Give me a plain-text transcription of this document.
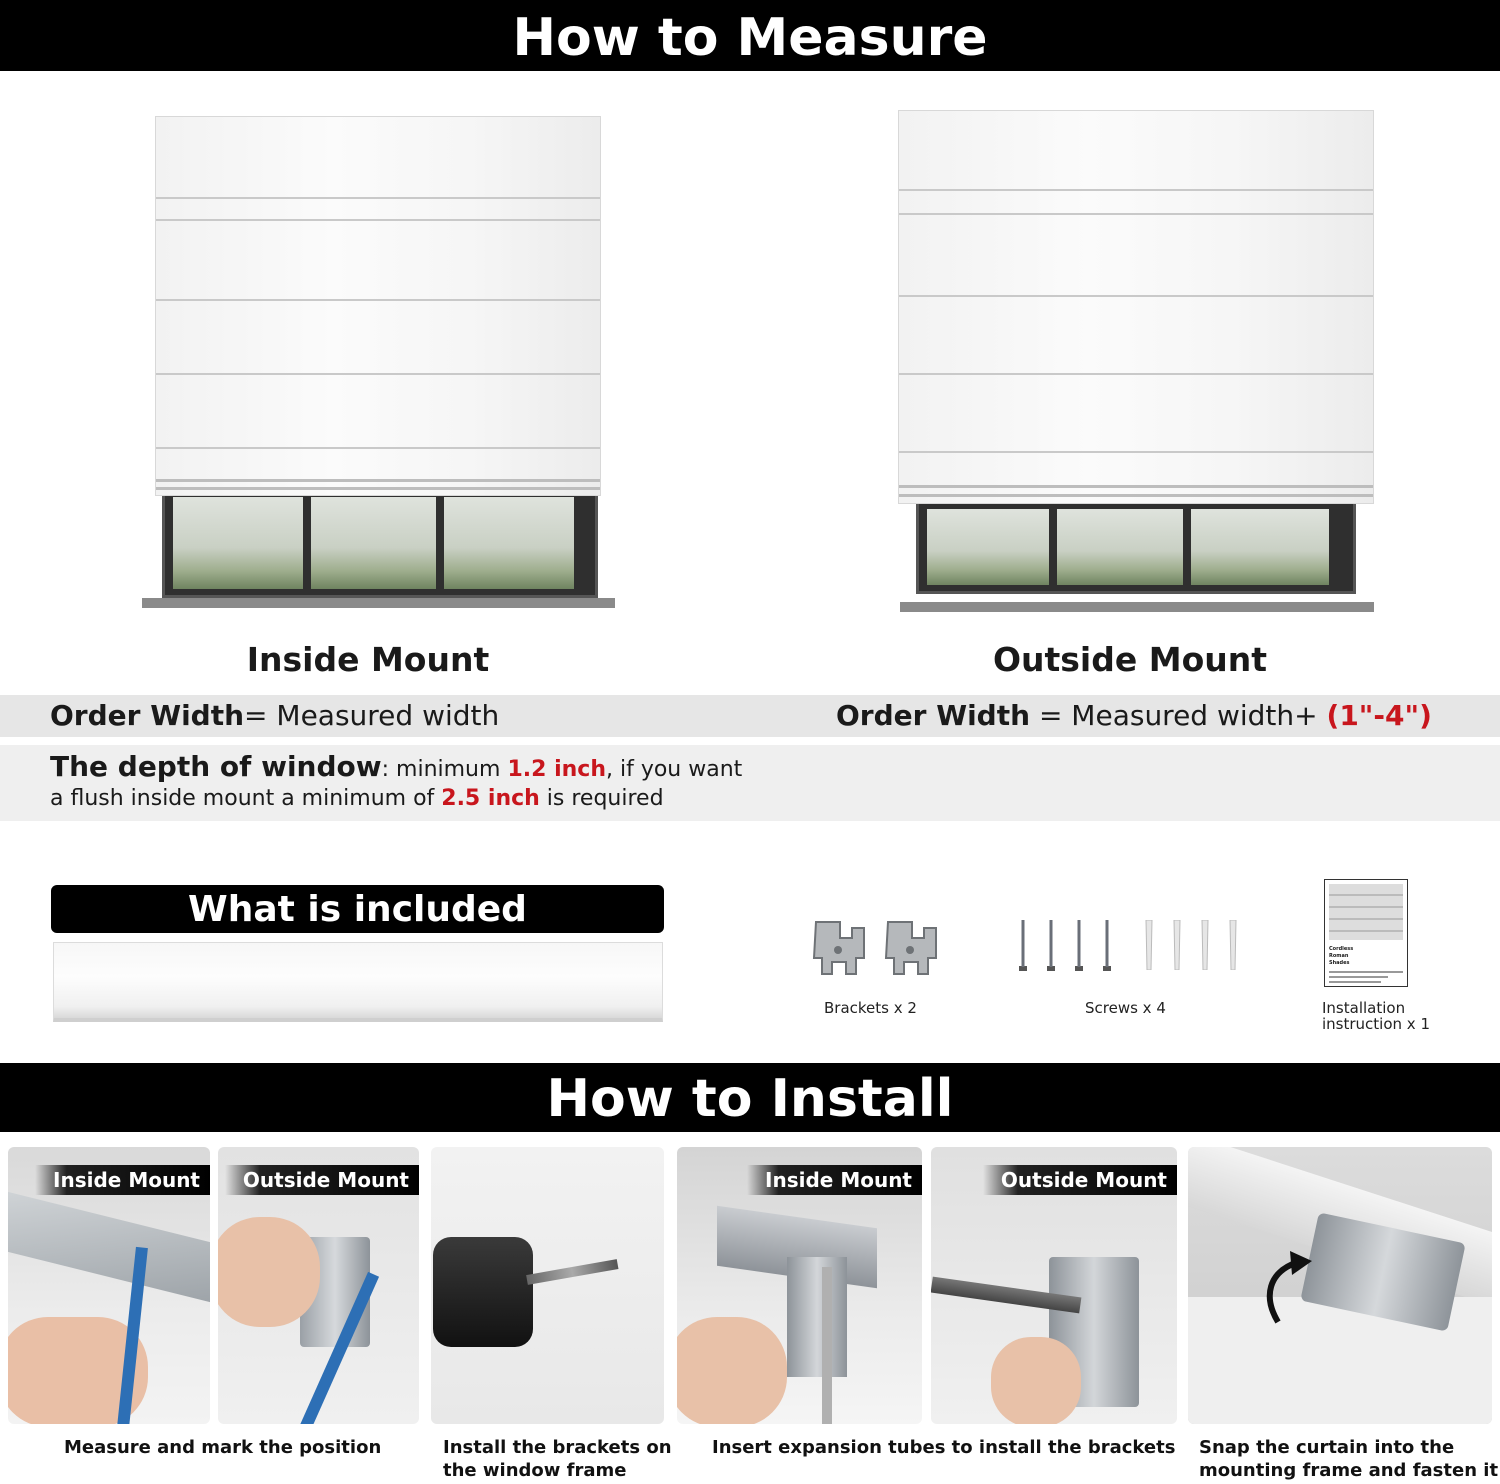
How to Measure
Inside Mount	Outside Mount
Order Width= Measured width	Order Width = Measured width+ (1"-4")
The depth of window: minimum 1.2 inch, if you want
a flush inside mount a minimum of 2.5 inch is required
What is included
Brackets x 2	Screws x 4
Cordless Roman Shades
Installation
instruction x 1
How to Install
Inside Mount	Outside Mount	Inside Mount	Outside Mount
Measure and mark the position	Install the brackets on
the window frame
Insert expansion tubes to install the brackets Snap the curtain into the
mounting frame and fasten it
